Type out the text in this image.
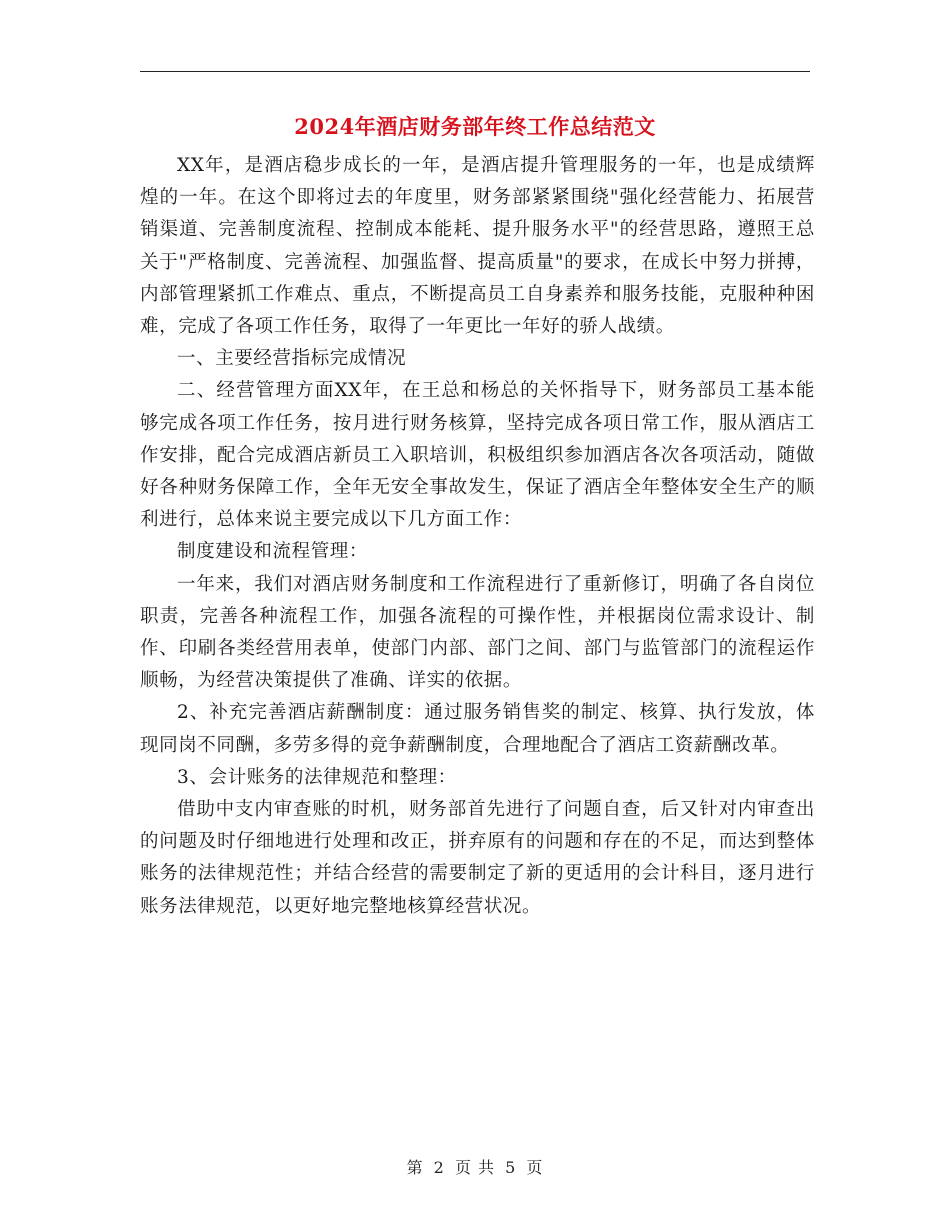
2024年酒店财务部年终工作总结范文

XX年，是酒店稳步成长的一年，是酒店提升管理服务的一年，也是成绩辉煌的一年。在这个即将过去的年度里，财务部紧紧围绕"强化经营能力、拓展营销渠道、完善制度流程、控制成本能耗、提升服务水平"的经营思路，遵照王总关于"严格制度、完善流程、加强监督、提高质量"的要求，在成长中努力拼搏，内部管理紧抓工作难点、重点，不断提高员工自身素养和服务技能，克服种种困难，完成了各项工作任务，取得了一年更比一年好的骄人战绩。

一、主要经营指标完成情况

二、经营管理方面XX年，在王总和杨总的关怀指导下，财务部员工基本能够完成各项工作任务，按月进行财务核算，坚持完成各项日常工作，服从酒店工作安排，配合完成酒店新员工入职培训，积极组织参加酒店各次各项活动，随做好各种财务保障工作，全年无安全事故发生，保证了酒店全年整体安全生产的顺利进行，总体来说主要完成以下几方面工作：

制度建设和流程管理：

一年来，我们对酒店财务制度和工作流程进行了重新修订，明确了各自岗位职责，完善各种流程工作，加强各流程的可操作性，并根据岗位需求设计、制作、印刷各类经营用表单，使部门内部、部门之间、部门与监管部门的流程运作顺畅，为经营决策提供了准确、详实的依据。

2、补充完善酒店薪酬制度：通过服务销售奖的制定、核算、执行发放，体现同岗不同酬，多劳多得的竞争薪酬制度，合理地配合了酒店工资薪酬改革。

3、会计账务的法律规范和整理：

借助中支内审查账的时机，财务部首先进行了问题自查，后又针对内审查出的问题及时仔细地进行处理和改正，拼弃原有的问题和存在的不足，而达到整体账务的法律规范性；并结合经营的需要制定了新的更适用的会计科目，逐月进行账务法律规范，以更好地完整地核算经营状况。

第 2 页 共 5 页
